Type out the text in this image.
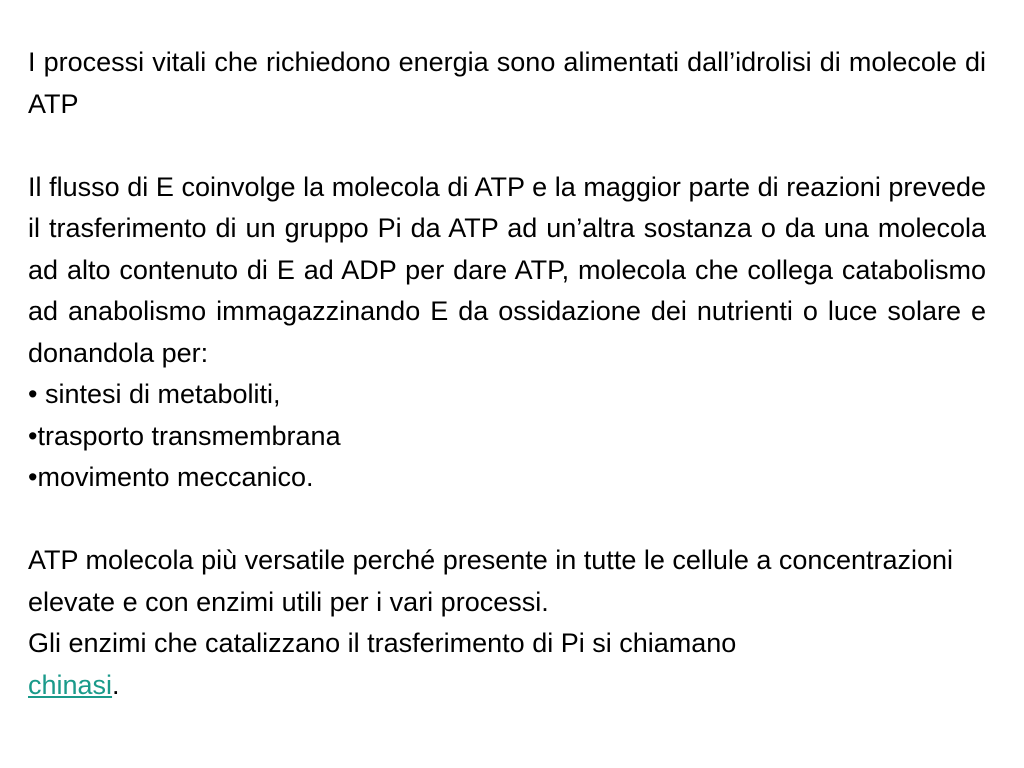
I processi vitali che richiedono energia sono alimentati dall’idrolisi di molecole di ATP

Il flusso di E coinvolge la molecola di ATP e la maggior parte di reazioni prevede il trasferimento di un gruppo Pi da ATP ad un’altra sostanza o da una molecola ad alto contenuto di E ad ADP per dare ATP, molecola che collega catabolismo ad anabolismo immagazzinando E da ossidazione dei nutrienti o luce solare e donandola per:

• sintesi di metaboliti,

•trasporto transmembrana

•movimento meccanico.

ATP molecola più versatile perché presente in tutte le cellule a concentrazioni elevate e con enzimi utili per i vari processi.

Gli enzimi che catalizzano il trasferimento di Pi si chiamano
chinasi.
